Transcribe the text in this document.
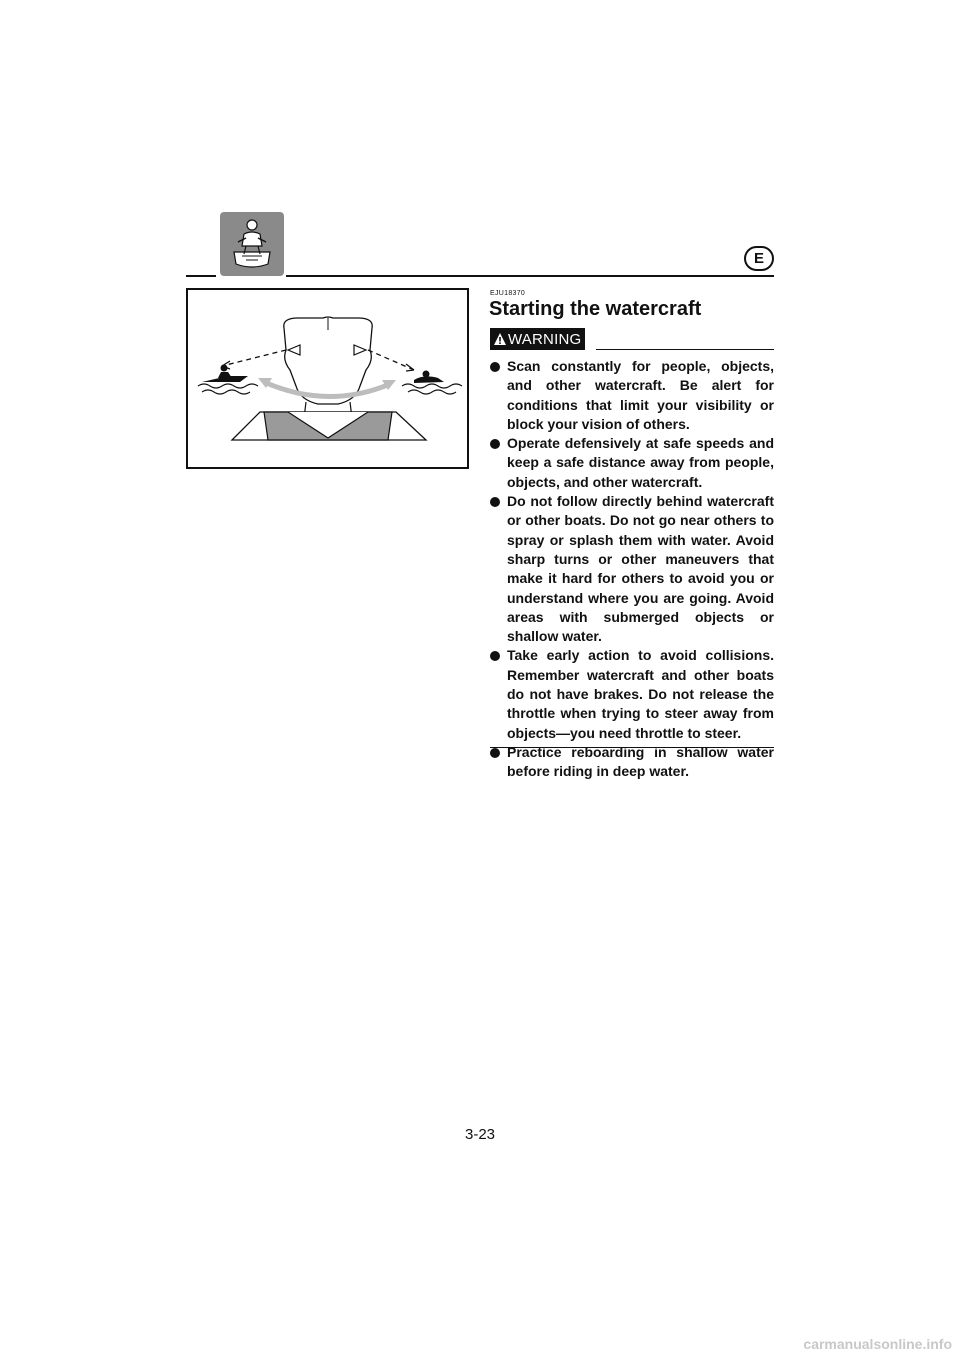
E
EJU18370
Starting the watercraft
WARNING
Scan constantly for people, objects, and other watercraft. Be alert for conditions that limit your visibility or block your vision of others.
Operate defensively at safe speeds and keep a safe distance away from people, objects, and other watercraft.
Do not follow directly behind watercraft or other boats. Do not go near others to spray or splash them with water. Avoid sharp turns or other maneuvers that make it hard for others to avoid you or understand where you are going. Avoid areas with submerged objects or shallow water.
Take early action to avoid collisions. Remember watercraft and other boats do not have brakes. Do not release the throttle when trying to steer away from objects—you need throttle to steer.
Practice reboarding in shallow water before riding in deep water.
3-23
carmanualsonline.info
